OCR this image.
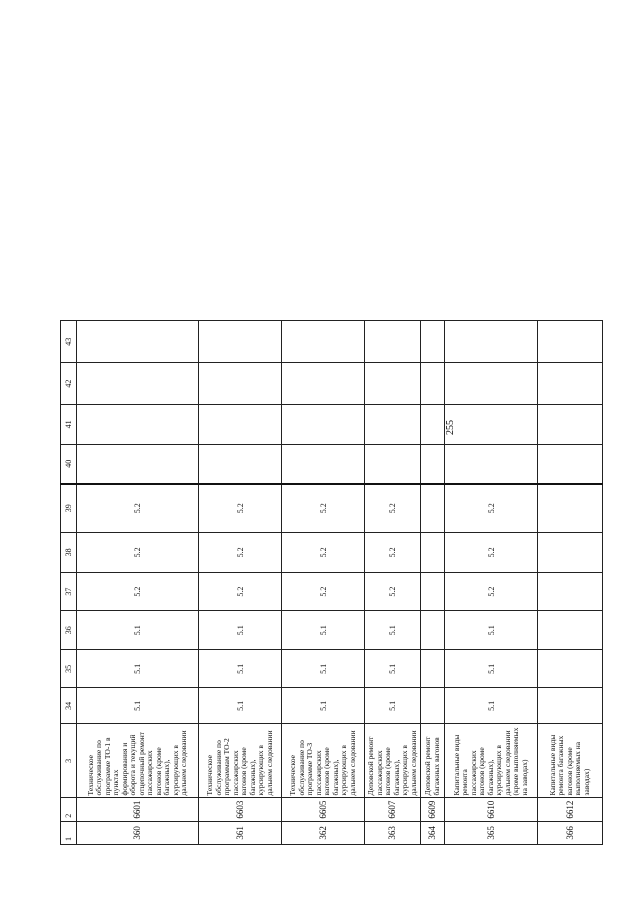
255
1	2	3	34	35	36	37	38	39	40	41	42	43
360	6601	Техническое обслуживание по программе ТО-1 в пунктах формирования и оборота и текущий отцепочный ремонт пассажирских вагонов (кроме багажных), курсирующих в дальнем следовании	5.1	5.1	5.1	5.2	5.2	5.2				
361	6603	Техническое обслуживание по программам ТО-2 пассажирских вагонов (кроме багажных), курсирующих в дальнем следовании	5.1	5.1	5.1	5.2	5.2	5.2				
362	6605	Техническое обслуживание по программе ТО-3 пассажирских вагонов (кроме багажных), курсирующих в дальнем следовании	5.1	5.1	5.1	5.2	5.2	5.2				
363	6607	Деповской ремонт пассажирских вагонов (кроме багажных), курсирующих в дальнем следовании	5.1	5.1	5.1	5.2	5.2	5.2				
364	6609	Деповской ремонт багажных вагонов										
365	6610	Капитальные виды ремонта пассажирских вагонов (кроме багажных), курсирующих в дальнем следовании (кроме выполняемых на заводах)	5.1	5.1	5.1	5.2	5.2	5.2				
366	6612	Капитальные виды ремонта багажных вагонов (кроме выполняемых на заводах)										
